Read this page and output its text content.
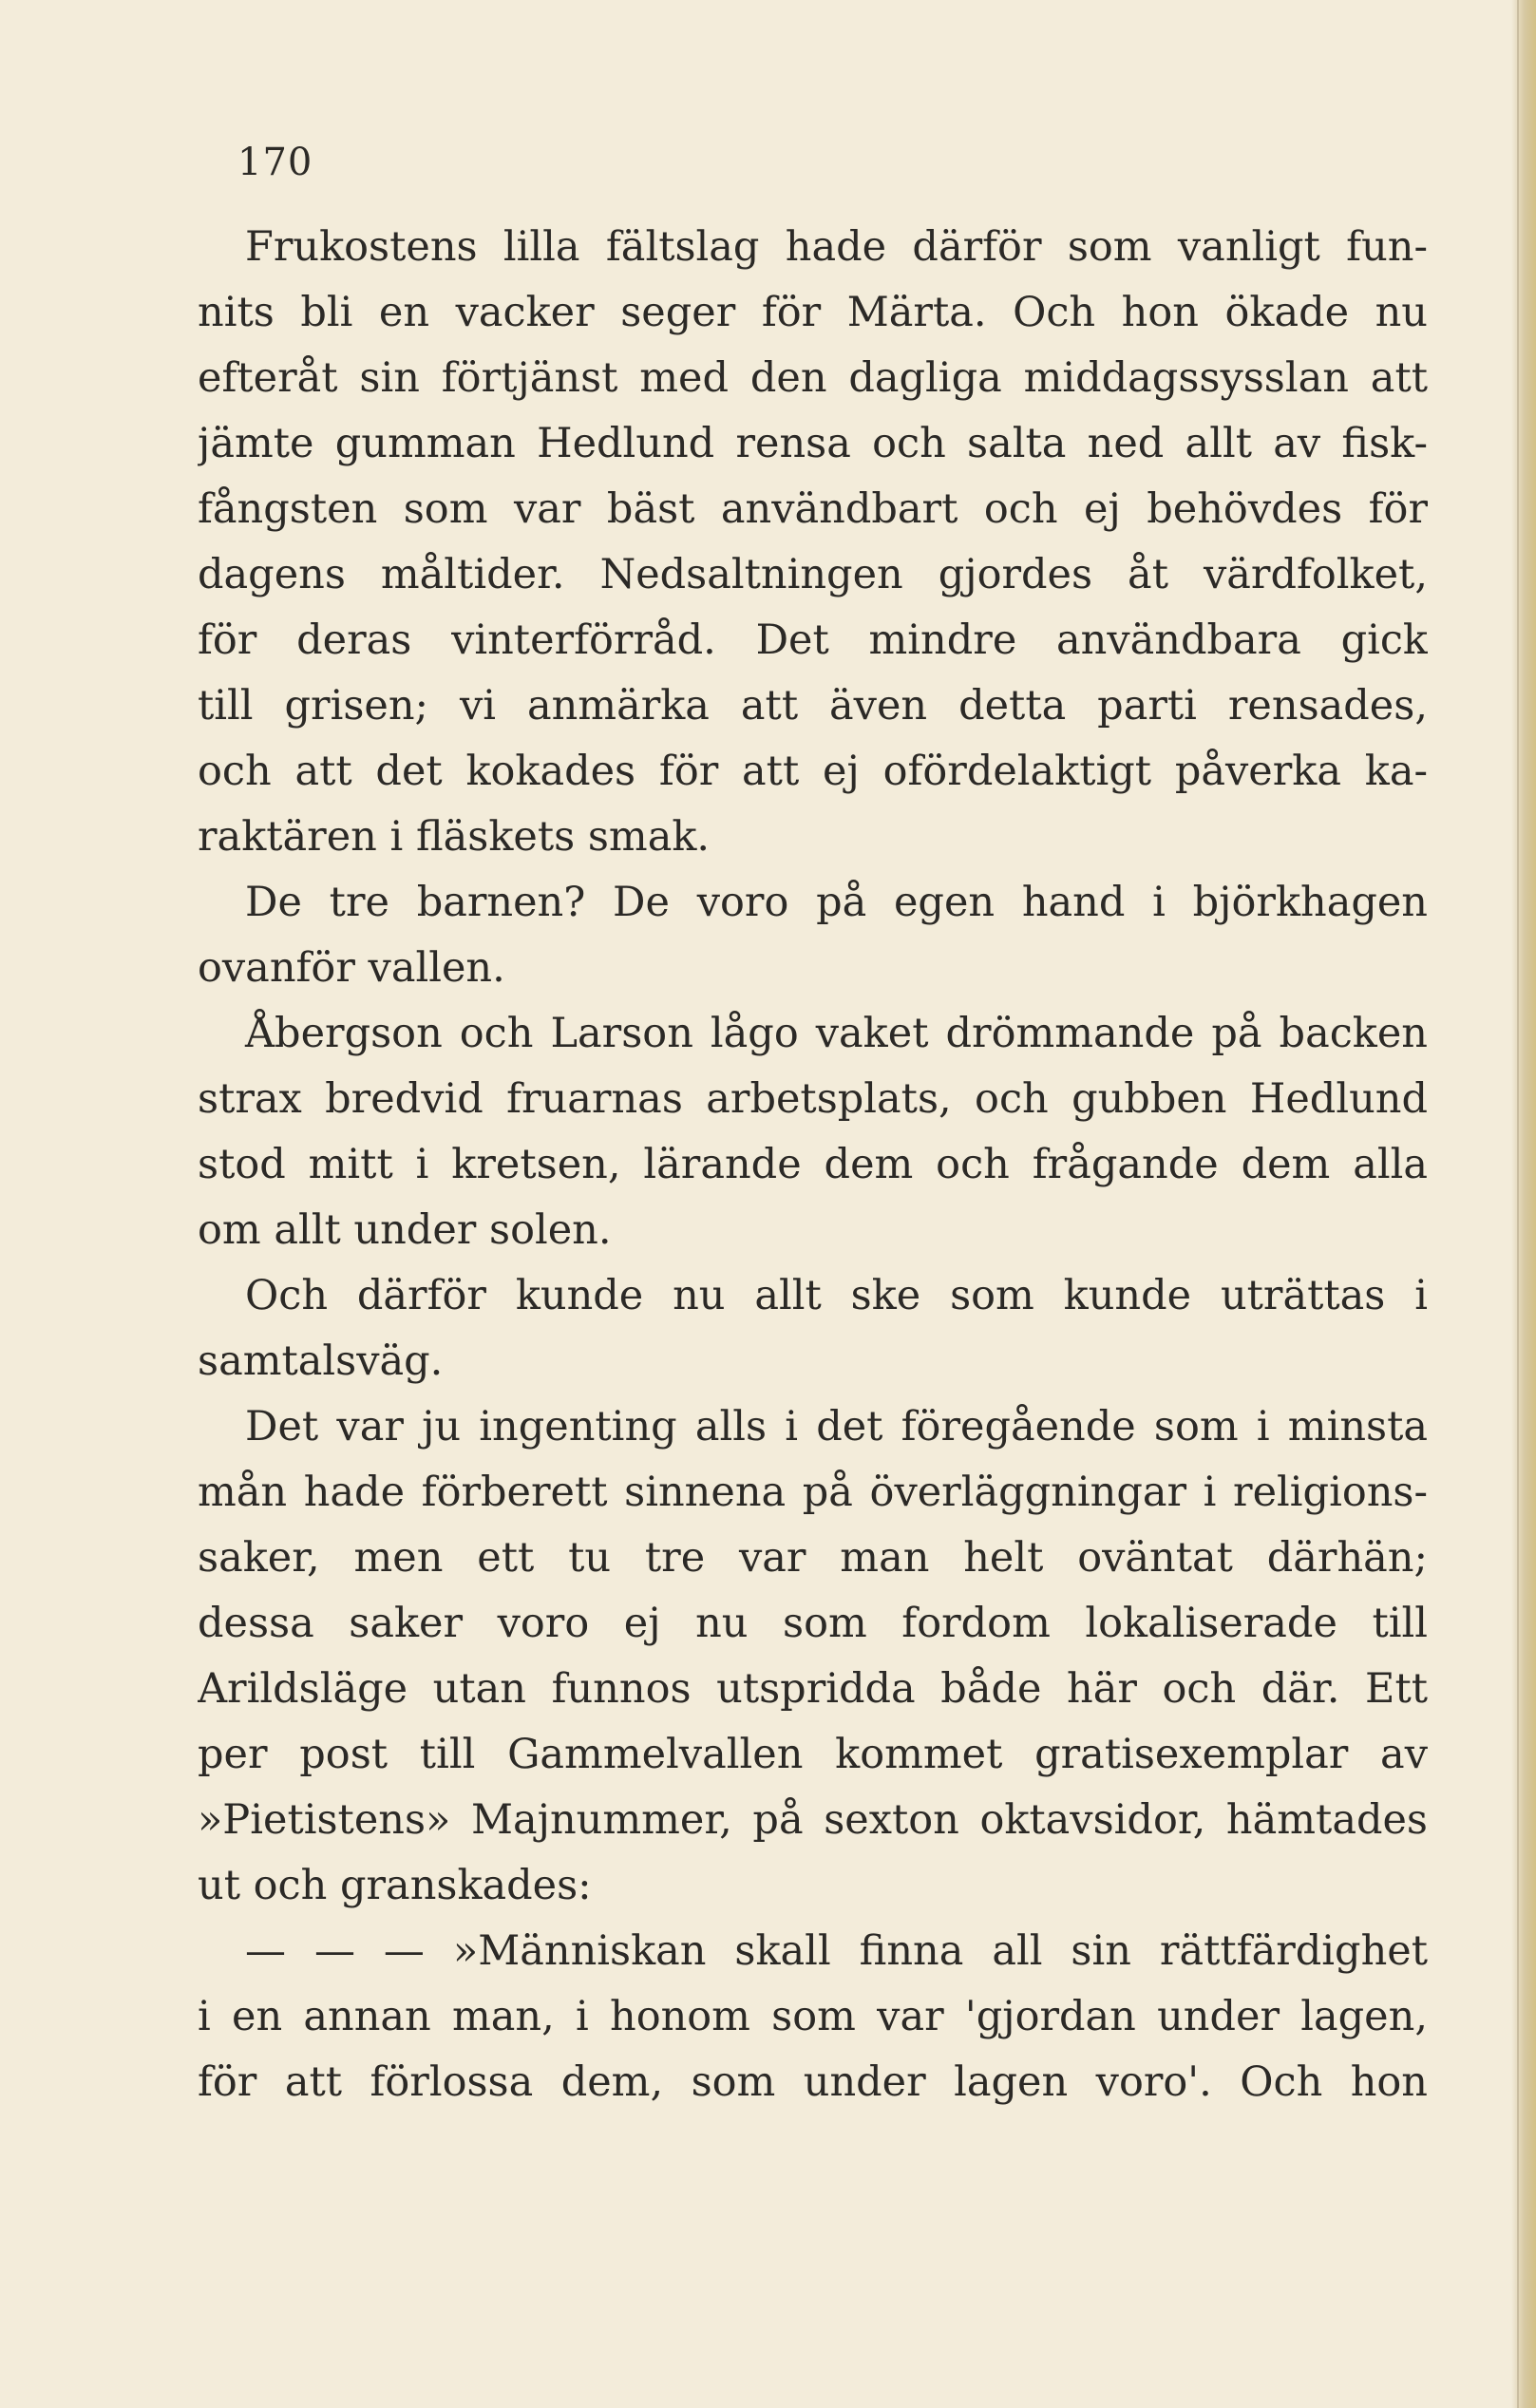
170

Frukostens lilla fältslag hade därför som vanligt fun-
nits bli en vacker seger för Märta. Och hon ökade nu
efteråt sin förtjänst med den dagliga middagssysslan att
jämte gumman Hedlund rensa och salta ned allt av fisk-
fångsten som var bäst användbart och ej behövdes för
dagens måltider. Nedsaltningen gjordes åt värdfolket,
för deras vinterförråd. Det mindre användbara gick
till grisen; vi anmärka att även detta parti rensades,
och att det kokades för att ej ofördelaktigt påverka ka-
raktären i fläskets smak.
De tre barnen? De voro på egen hand i björkhagen
ovanför vallen.
Åbergson och Larson lågo vaket drömmande på backen
strax bredvid fruarnas arbetsplats, och gubben Hedlund
stod mitt i kretsen, lärande dem och frågande dem alla
om allt under solen.
Och därför kunde nu allt ske som kunde uträttas i
samtalsväg.
Det var ju ingenting alls i det föregående som i minsta
mån hade förberett sinnena på överläggningar i religions-
saker, men ett tu tre var man helt oväntat därhän;
dessa saker voro ej nu som fordom lokaliserade till
Arildsläge utan funnos utspridda både här och där. Ett
per post till Gammelvallen kommet gratisexemplar av
»Pietistens» Majnummer, på sexton oktavsidor, hämtades
ut och granskades:
— — — »Människan skall finna all sin rättfärdighet
i en annan man, i honom som var 'gjordan under lagen,
för att förlossa dem, som under lagen voro'. Och hon
